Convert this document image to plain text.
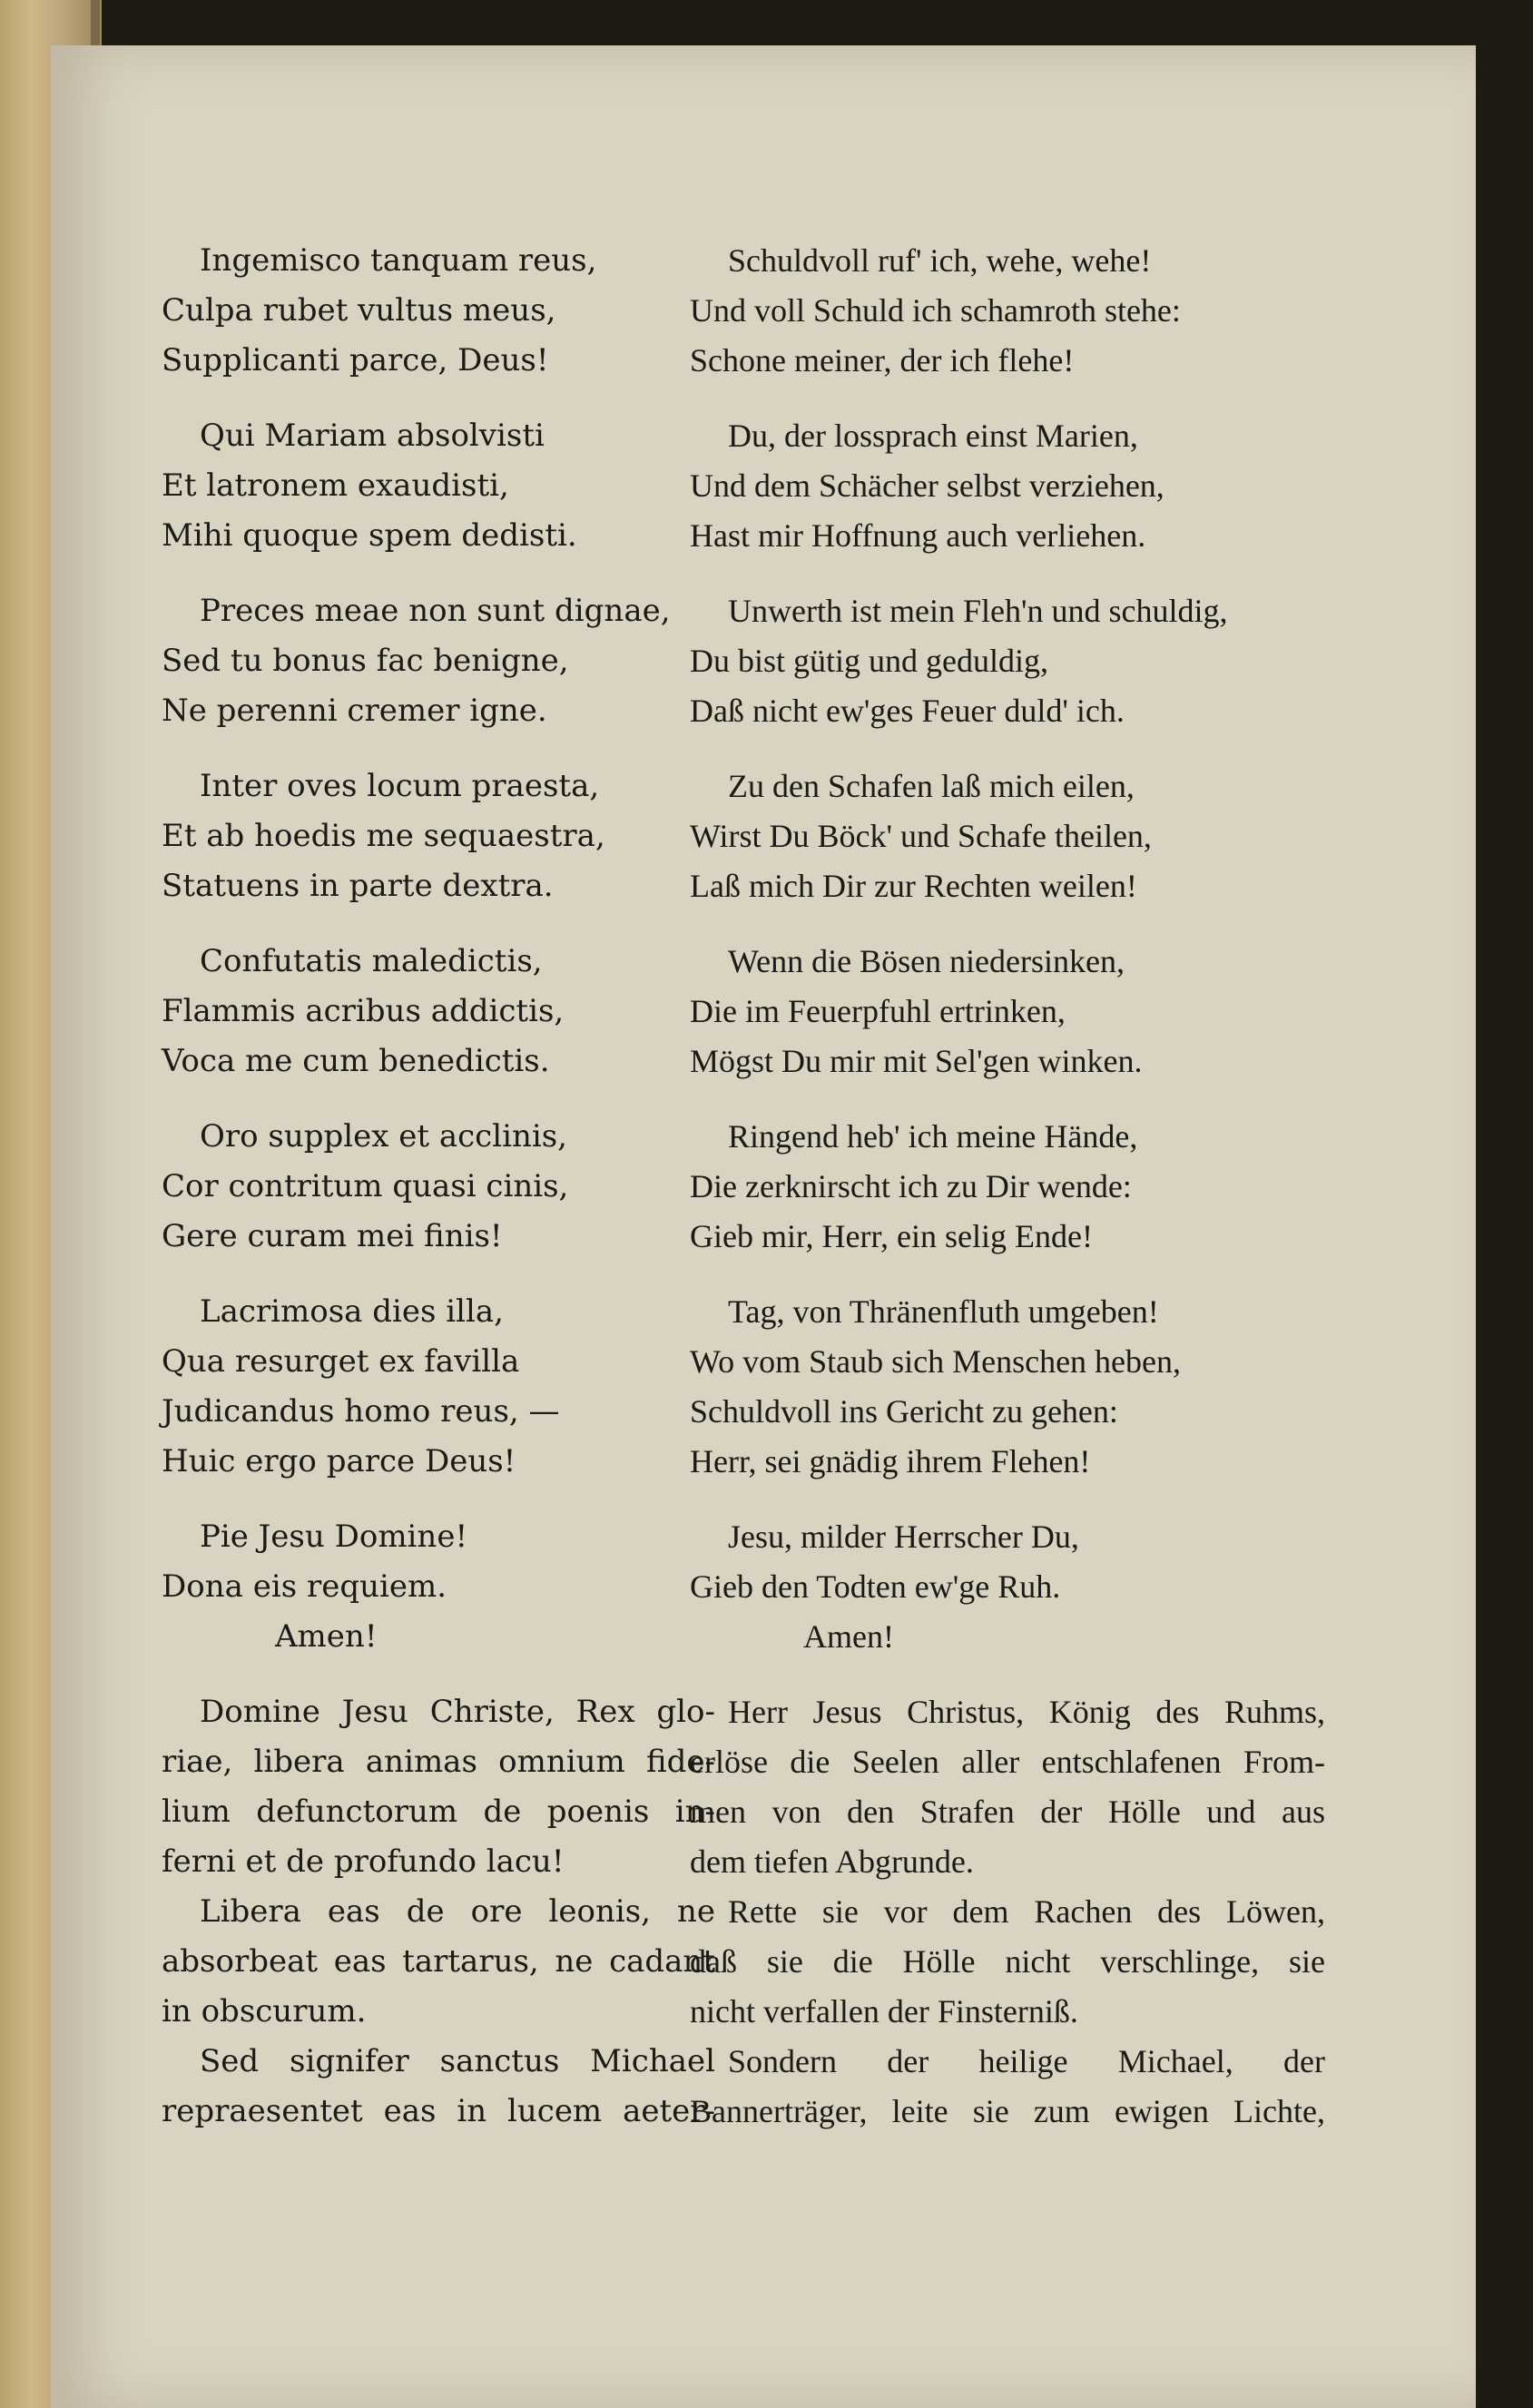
Ingemisco tanquam reus,
Culpa rubet vultus meus,
Supplicanti parce, Deus!
Qui Mariam absolvisti
Et latronem exaudisti,
Mihi quoque spem dedisti.
Preces meae non sunt dignae,
Sed tu bonus fac benigne,
Ne perenni cremer igne.
Inter oves locum praesta,
Et ab hoedis me sequaestra,
Statuens in parte dextra.
Confutatis maledictis,
Flammis acribus addictis,
Voca me cum benedictis.
Oro supplex et acclinis,
Cor contritum quasi cinis,
Gere curam mei finis!
Lacrimosa dies illa,
Qua resurget ex favilla
Judicandus homo reus, —
Huic ergo parce Deus!
Pie Jesu Domine!
Dona eis requiem.
Amen!
Domine Jesu Christe, Rex glo-
riae, libera animas omnium fide-
lium defunctorum de poenis in-
ferni et de profundo lacu!
Libera eas de ore leonis, ne
absorbeat eas tartarus, ne cadant
in obscurum.
Sed signifer sanctus Michael
repraesentet eas in lucem aeter-
Schuldvoll ruf' ich, wehe, wehe!
Und voll Schuld ich schamroth stehe:
Schone meiner, der ich flehe!
Du, der lossprach einst Marien,
Und dem Schächer selbst verziehen,
Hast mir Hoffnung auch verliehen.
Unwerth ist mein Fleh'n und schuldig,
Du bist gütig und geduldig,
Daß nicht ew'ges Feuer duld' ich.
Zu den Schafen laß mich eilen,
Wirst Du Böck' und Schafe theilen,
Laß mich Dir zur Rechten weilen!
Wenn die Bösen niedersinken,
Die im Feuerpfuhl ertrinken,
Mögst Du mir mit Sel'gen winken.
Ringend heb' ich meine Hände,
Die zerknirscht ich zu Dir wende:
Gieb mir, Herr, ein selig Ende!
Tag, von Thränenfluth umgeben!
Wo vom Staub sich Menschen heben,
Schuldvoll ins Gericht zu gehen:
Herr, sei gnädig ihrem Flehen!
Jesu, milder Herrscher Du,
Gieb den Todten ew'ge Ruh.
Amen!
Herr Jesus Christus, König des Ruhms,
erlöse die Seelen aller entschlafenen From-
men von den Strafen der Hölle und aus
dem tiefen Abgrunde.
Rette sie vor dem Rachen des Löwen,
daß sie die Hölle nicht verschlinge, sie
nicht verfallen der Finsterniß.
Sondern der heilige Michael, der
Bannerträger, leite sie zum ewigen Lichte,
